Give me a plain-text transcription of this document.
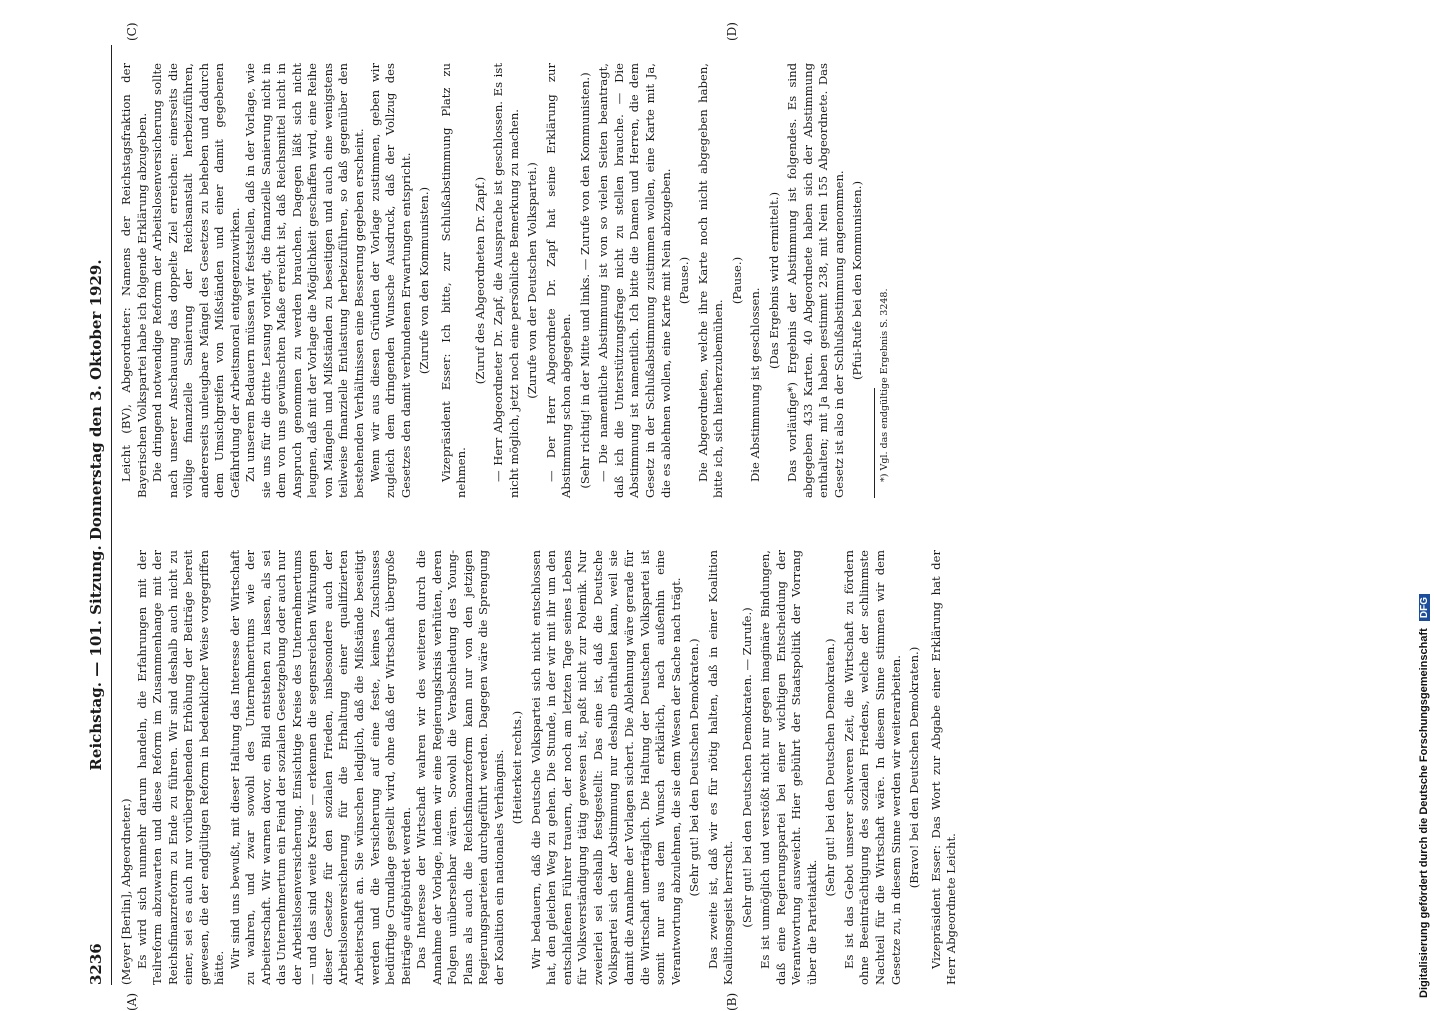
3236
Reichstag. — 101. Sitzung. Donnerstag den 3. Oktober 1929.
(A)	(B)
(C)	(D)

(Meyer [Berlin], Abgeordneter.) Es wird sich nunmehr darum handeln, die Erfahrungen mit der Teilreform abzuwarten und diese Reform im Zusammenhange mit der Reichsfinanzreform zu Ende zu führen. Wir sind deshalb auch nicht zu einer, sei es auch nur vorübergehenden Erhöhung der Beiträge bereit gewesen, die der endgültigen Reform in bedenklicher Weise vorgegriffen hätte. Wir sind uns bewußt, mit dieser Haltung das Interesse der Wirtschaft zu wahren, und zwar sowohl des Unternehmertums wie der Arbeiterschaft. Wir warnen davor, ein Bild entstehen zu lassen, als sei das Unternehmertum ein Feind der sozialen Gesetzgebung oder auch nur der Arbeitslosenversicherung. Einsichtige Kreise des Unternehmertums — und das sind weite Kreise — erkennen die segensreichen Wirkungen dieser Gesetze für den sozialen Frieden, insbesondere auch der Arbeitslosenversicherung für die Erhaltung einer qualifizierten Arbeiterschaft an. Sie wünschen lediglich, daß die Mißstände beseitigt werden und die Versicherung auf eine feste, keines Zuschusses bedürftige Grundlage gestellt wird, ohne daß der Wirtschaft übergroße Beiträge aufgebürdet werden. Das Interesse der Wirtschaft wahren wir des weiteren durch die Annahme der Vorlage, indem wir eine Regierungskrisis verhüten, deren Folgen unübersehbar wären. Sowohl die Verabschiedung des Young-Plans als auch die Reichsfinanzreform kann nur von den jetzigen Regierungsparteien durchgeführt werden. Dagegen wäre die Sprengung der Koalition ein nationales Verhängnis. (Heiterkeit rechts.) Wir bedauern, daß die Deutsche Volkspartei sich nicht entschlossen hat, den gleichen Weg zu gehen. Die Stunde, in der wir mit ihr um den entschlafenen Führer trauern, der noch am letzten Tage seines Lebens für Volksverständigung tätig gewesen ist, paßt nicht zur Polemik. Nur zweierlei sei deshalb festgestellt: Das eine ist, daß die Deutsche Volkspartei sich der Abstimmung nur deshalb enthalten kann, weil sie damit die Annahme der Vorlagen sichert. Die Ablehnung wäre gerade für die Wirtschaft unerträglich. Die Haltung der Deutschen Volkspartei ist somit nur aus dem Wunsch erklärlich, nach außenhin eine Verantwortung abzulehnen, die sie dem Wesen der Sache nach trägt. (Sehr gut! bei den Deutschen Demokraten.) Das zweite ist, daß wir es für nötig halten, daß in einer Koalition Koalitionsgeist herrscht. (Sehr gut! bei den Deutschen Demokraten. — Zurufe.) Es ist unmöglich und verstößt nicht nur gegen imaginäre Bindungen, daß eine Regierungspartei bei einer wichtigen Entscheidung der Verantwortung ausweicht. Hier gebührt der Staatspolitik der Vorrang über die Parteitaktik.

(Sehr gut! bei den Deutschen Demokraten.) Es ist das Gebot unserer schweren Zeit, die Wirtschaft zu fördern ohne Beeinträchtigung des sozialen Friedens, welche der schlimmste Nachteil für die Wirtschaft wäre. In diesem Sinne stimmen wir dem Gesetze zu, in diesem Sinne werden wir weiterarbeiten. (Bravo! bei den Deutschen Demokraten.) Vizepräsident Esser: Das Wort zur Abgabe einer Erklärung hat der Herr Abgeordnete Leicht.

Leicht (BV), Abgeordneter: Namens der Reichstagsfraktion der Bayerischen Volkspartei habe ich folgende Erklärung abzugeben. Die dringend notwendige Reform der Arbeitslosenversicherung sollte nach unserer Anschauung das doppelte Ziel erreichen: einerseits die völlige finanzielle Sanierung der Reichsanstalt herbeizuführen, andererseits unleugbare Mängel des Gesetzes zu beheben und dadurch dem Umsichgreifen von Mißständen und einer damit gegebenen Gefährdung der Arbeitsmoral entgegenzuwirken. Zu unserem Bedauern müssen wir feststellen, daß in der Vorlage, wie sie uns für die dritte Lesung vorliegt, die finanzielle Sanierung nicht in dem von uns gewünschten Maße erreicht ist, daß Reichsmittel nicht in Anspruch genommen zu werden brauchen. Dagegen läßt sich nicht leugnen, daß mit der Vorlage die Möglichkeit geschaffen wird, eine Reihe von Mängeln und Mißständen zu beseitigen und auch eine wenigstens teilweise finanzielle Entlastung herbeizuführen, so daß gegenüber den bestehenden Verhältnissen eine Besserung gegeben erscheint. Wenn wir aus diesen Gründen der Vorlage zustimmen, geben wir zugleich dem dringenden Wunsche Ausdruck, daß der Vollzug des Gesetzes den damit verbundenen Erwartungen entspricht. (Zurufe von den Kommunisten.) Vizepräsident Esser: Ich bitte, zur Schlußabstimmung Platz zu nehmen.

(Zuruf des Abgeordneten Dr. Zapf.) — Herr Abgeordneter Dr. Zapf, die Aussprache ist geschlossen. Es ist nicht möglich, jetzt noch eine persönliche Bemerkung zu machen. (Zurufe von der Deutschen Volkspartei.) — Der Herr Abgeordnete Dr. Zapf hat seine Erklärung zur Abstimmung schon abgegeben. (Sehr richtig! in der Mitte und links. — Zurufe von den Kommunisten.) — Die namentliche Abstimmung ist von so vielen Seiten beantragt, daß ich die Unterstützungsfrage nicht zu stellen brauche. — Die Abstimmung ist namentlich. Ich bitte die Damen und Herren, die dem Gesetz in der Schlußabstimmung zustimmen wollen, eine Karte mit Ja, die es ablehnen wollen, eine Karte mit Nein abzugeben. (Pause.) Die Abgeordneten, welche ihre Karte noch nicht abgegeben haben, bitte ich, sich hierherzubemühen.

(Pause.)

Die Abstimmung ist geschlossen.

(Das Ergebnis wird ermittelt.) Das vorläufige*) Ergebnis der Abstimmung ist folgendes. Es sind abgegeben 433 Karten. 40 Abgeordnete haben sich der Abstimmung enthalten; mit Ja haben gestimmt 238, mit Nein 155 Abgeordnete. Das Gesetz ist also in der Schlußabstimmung angenommen. (Pfui-Rufe bei den Kommunisten.)

*) Vgl. das endgültige Ergebnis S. 3248.

Digitalisierung gefördert durch die Deutsche Forschungsgemeinschaft DFG
